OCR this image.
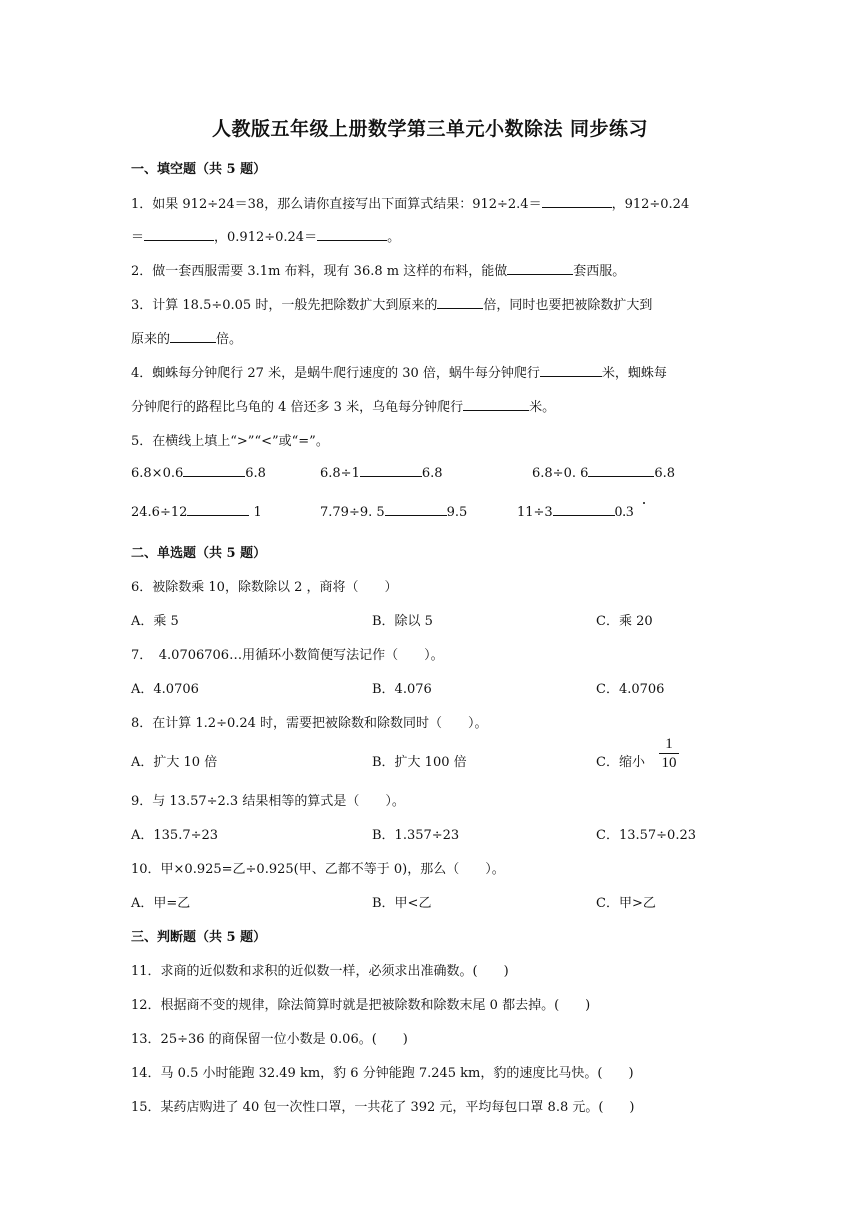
人教版五年级上册数学第三单元小数除法 同步练习
一、填空题（共 5 题）
1．如果 912÷24＝38，那么请你直接写出下面算式结果：912÷2.4＝	，912÷0.24
＝	，0.912÷0.24＝	。
2．做一套西服需要 3.1m 布料，现有 36.8 m 这样的布料，能做	套西服。
3．计算 18.5÷0.05 时，一般先把除数扩大到原来的	倍，同时也要把被除数扩大到
原来的	倍。
4．蜘蛛每分钟爬行 27 米，是蜗牛爬行速度的 30 倍，蜗牛每分钟爬行	米，蜘蛛每
分钟爬行的路程比乌龟的 4 倍还多 3 米，乌龟每分钟爬行	米。
5．在横线上填上“>”“<”或“=”。
6.8×0.6	6.8	6.8÷1	6.8	6.8÷0. 6	6.8
24.6÷12	1	7.79÷9. 5	9.5	11÷3	0.3
二、单选题（共 5 题）
6．被除数乘 10，除数除以 2 ，商将（　　）
A．乘 5	B．除以 5	C．乘 20
7．　4.0706706…用循环小数简便写法记作（　　）。
A．4.0706	B．4.076	C．4.0706
8．在计算 1.2÷0.24 时，需要把被除数和除数同时（　　）。
A．扩大 10 倍	B．扩大 100 倍	C．缩小
1
10
9．与 13.57÷2.3 结果相等的算式是（　　）。
A．135.7÷23	B．1.357÷23	C．13.57÷0.23
10．甲×0.925=乙÷0.925(甲、乙都不等于 0)，那么（　　）。
A．甲=乙	B．甲<乙	C．甲>乙
三、判断题（共 5 题）
11．求商的近似数和求积的近似数一样，必须求出准确数。(　　)
12．根据商不变的规律，除法简算时就是把被除数和除数末尾 0 都去掉。(　　)
13．25÷36 的商保留一位小数是 0.06。(　　)
14．马 0.5 小时能跑 32.49 km，豹 6 分钟能跑 7.245 km，豹的速度比马快。(　　)
15．某药店购进了 40 包一次性口罩，一共花了 392 元，平均每包口罩 8.8 元。(　　)
